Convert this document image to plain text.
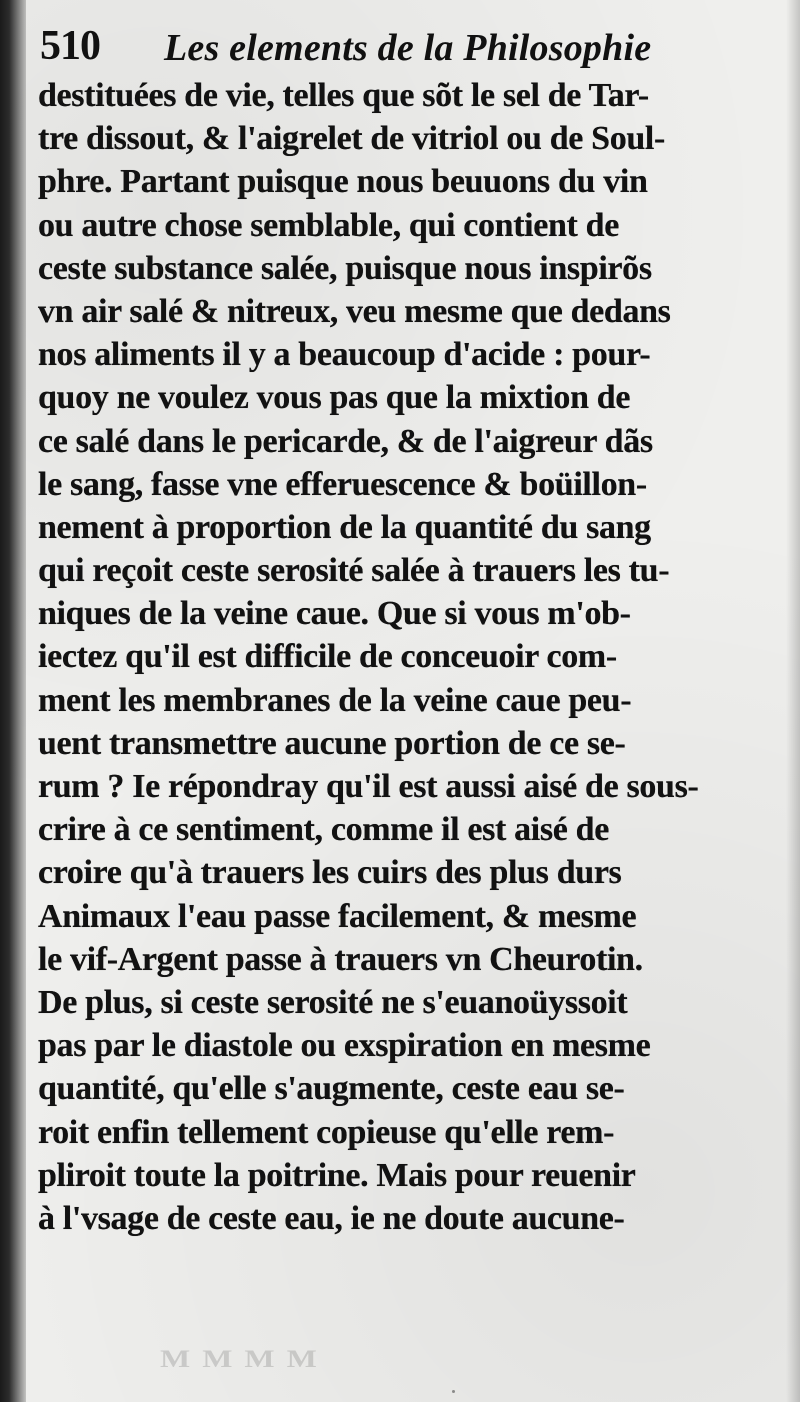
510 Les elements de la Philosophie
destituées de vie, telles que sõt le sel de Tar-
tre dissout, & l'aigrelet de vitriol ou de Soul-
phre. Partant puisque nous beuuons du vin
ou autre chose semblable, qui contient de
ceste substance salée, puisque nous inspirõs
vn air salé & nitreux, veu mesme que dedans
nos aliments il y a beaucoup d'acide : pour-
quoy ne voulez vous pas que la mixtion de
ce salé dans le pericarde, & de l'aigreur dãs
le sang, fasse vne efferuescence & boüillon-
nement à proportion de la quantité du sang
qui reçoit ceste serosité salée à trauers les tu-
niques de la veine caue. Que si vous m'ob-
iectez qu'il est difficile de conceuoir com-
ment les membranes de la veine caue peu-
uent transmettre aucune portion de ce se-
rum ? Ie répondray qu'il est aussi aisé de sous-
crire à ce sentiment, comme il est aisé de
croire qu'à trauers les cuirs des plus durs
Animaux l'eau passe facilement, & mesme
le vif-Argent passe à trauers vn Cheurotin.
De plus, si ceste serosité ne s'euanoüyssoit
pas par le diastole ou exspiration en mesme
quantité, qu'elle s'augmente, ceste eau se-
roit enfin tellement copieuse qu'elle rem-
pliroit toute la poitrine. Mais pour reuenir
à l'vsage de ceste eau, ie ne doute aucune-
M M M M
